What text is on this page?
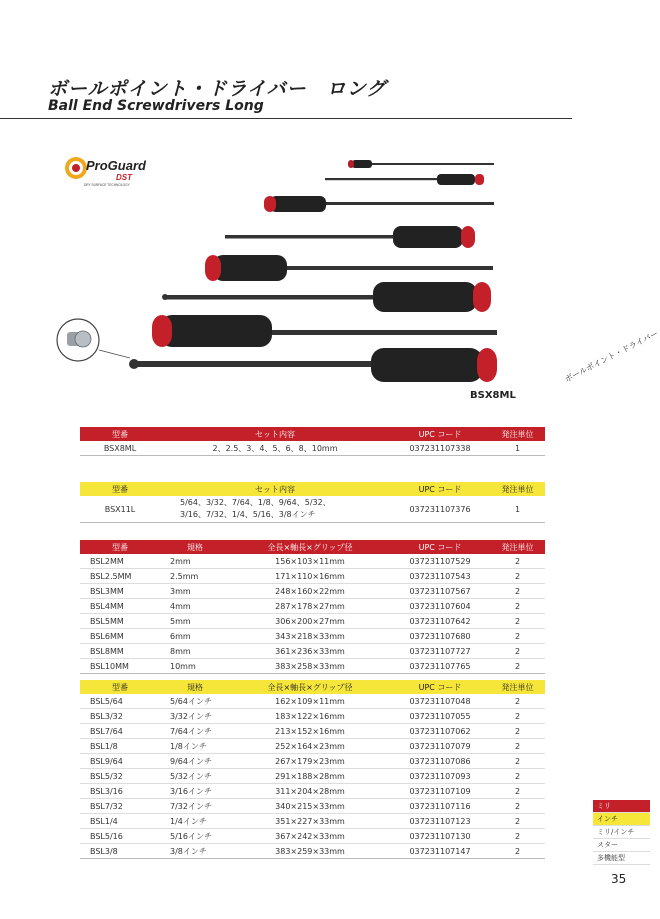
ボールポイント・ドライバー　ロング
Ball End Screwdrivers Long
ProGuard
DST
DRY SURFACE TECHNOLOGY
BSX8ML
ボールポイント・ドライバー
型番	セット内容	UPC コード	発注単位
BSX8ML	2、2.5、3、4、5、6、8、10mm	037231107338	1
型番	セット内容	UPC コード	発注単位
BSX11L	5/64、3/32、7/64、1/8、9/64、5/32、
3/16、7/32、1/4、5/16、3/8インチ	037231107376	1
型番	規格	全長×軸長×グリップ径	UPC コード	発注単位
BSL2MM	2mm	156×103×11mm	037231107529	2
BSL2.5MM	2.5mm	171×110×16mm	037231107543	2
BSL3MM	3mm	248×160×22mm	037231107567	2
BSL4MM	4mm	287×178×27mm	037231107604	2
BSL5MM	5mm	306×200×27mm	037231107642	2
BSL6MM	6mm	343×218×33mm	037231107680	2
BSL8MM	8mm	361×236×33mm	037231107727	2
BSL10MM	10mm	383×258×33mm	037231107765	2
型番	規格	全長×軸長×グリップ径	UPC コード	発注単位
BSL5/64	5/64インチ	162×109×11mm	037231107048	2
BSL3/32	3/32インチ	183×122×16mm	037231107055	2
BSL7/64	7/64インチ	213×152×16mm	037231107062	2
BSL1/8	1/8インチ	252×164×23mm	037231107079	2
BSL9/64	9/64インチ	267×179×23mm	037231107086	2
BSL5/32	5/32インチ	291×188×28mm	037231107093	2
BSL3/16	3/16インチ	311×204×28mm	037231107109	2
BSL7/32	7/32インチ	340×215×33mm	037231107116	2
BSL1/4	1/4インチ	351×227×33mm	037231107123	2
BSL5/16	5/16インチ	367×242×33mm	037231107130	2
BSL3/8	3/8インチ	383×259×33mm	037231107147	2
ミリ
インチ
ミリ/インチ
スター
多機能型
35
